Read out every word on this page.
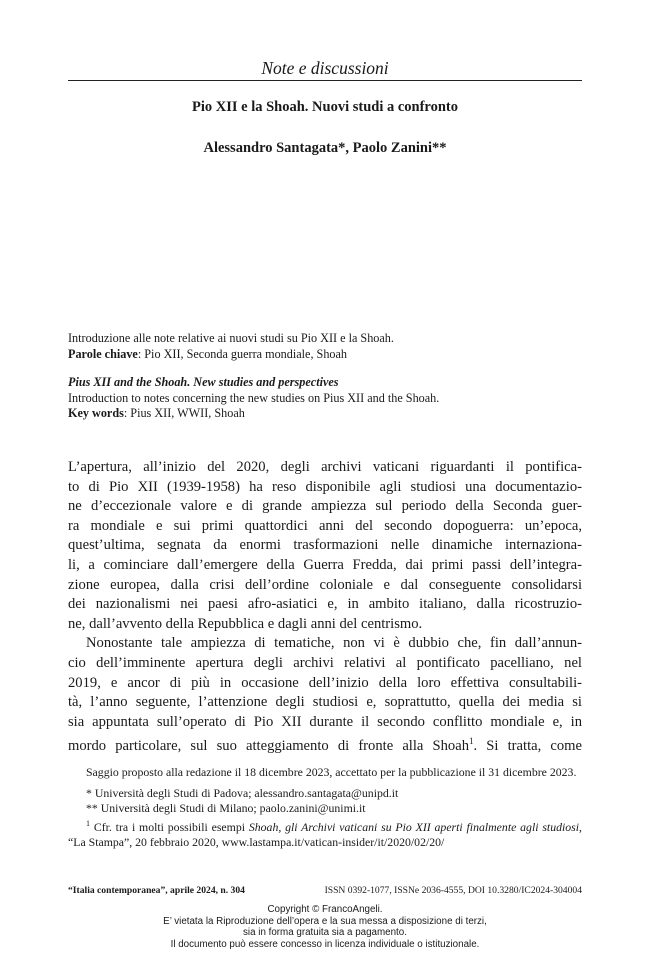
Note e discussioni
Pio XII e la Shoah. Nuovi studi a confronto
Alessandro Santagata*, Paolo Zanini**
Introduzione alle note relative ai nuovi studi su Pio XII e la Shoah.
Parole chiave: Pio XII, Seconda guerra mondiale, Shoah
Pius XII and the Shoah. New studies and perspectives
Introduction to notes concerning the new studies on Pius XII and the Shoah.
Key words: Pius XII, WWII, Shoah

L’apertura, all’inizio del 2020, degli archivi vaticani riguardanti il pontifica-
to di Pio XII (1939-1958) ha reso disponibile agli studiosi una documentazio-
ne d’eccezionale valore e di grande ampiezza sul periodo della Seconda guer-
ra mondiale e sui primi quattordici anni del secondo dopoguerra: un’epoca,
quest’ultima, segnata da enormi trasformazioni nelle dinamiche internaziona-
li, a cominciare dall’emergere della Guerra Fredda, dai primi passi dell’integra-
zione europea, dalla crisi dell’ordine coloniale e dal conseguente consolidarsi
dei nazionalismi nei paesi afro-asiatici e, in ambito italiano, dalla ricostruzio-
ne, dall’avvento della Repubblica e dagli anni del centrismo.

Nonostante tale ampiezza di tematiche, non vi è dubbio che, fin dall’annun-
cio dell’imminente apertura degli archivi relativi al pontificato pacelliano, nel
2019, e ancor di più in occasione dell’inizio della loro effettiva consultabili-
tà, l’anno seguente, l’attenzione degli studiosi e, soprattutto, quella dei media si
sia appuntata sull’operato di Pio XII durante il secondo conflitto mondiale e, in
mordo particolare, sul suo atteggiamento di fronte alla Shoah$^1$. Si tratta, come

Saggio proposto alla redazione il 18 dicembre 2023, accettato per la pubblicazione il 31 dicembre 2023.

* Università degli Studi di Padova; alessandro.santagata@unipd.it

** Università degli Studi di Milano; paolo.zanini@unimi.it

$^1$ Cfr. tra i molti possibili esempi Shoah, gli Archivi vaticani su Pio XII aperti finalmente agli studiosi, “La Stampa”, 20 febbraio 2020, www.lastampa.it/vatican-insider/it/2020/02/20/

“Italia contemporanea”, aprile 2024, n. 304	ISSN 0392-1077, ISSNe 2036-4555, DOI 10.3280/IC2024-304004
Copyright © FrancoAngeli.
E’ vietata la Riproduzione dell’opera e la sua messa a disposizione di terzi,
sia in forma gratuita sia a pagamento.
Il documento può essere concesso in licenza individuale o istituzionale.
